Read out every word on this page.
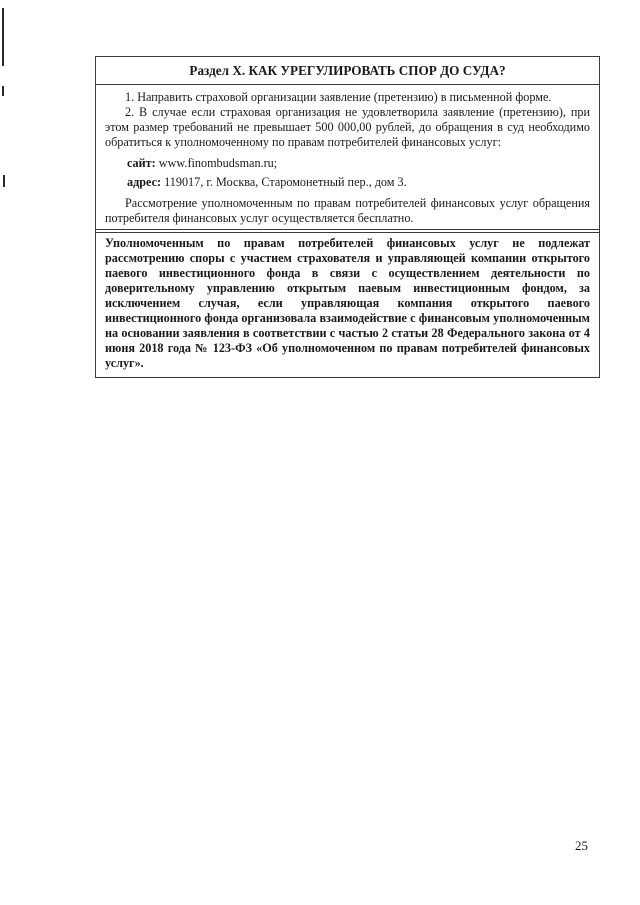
Раздел X. КАК УРЕГУЛИРОВАТЬ СПОР ДО СУДА?

1. Направить страховой организации заявление (претензию) в письменной форме.

2. В случае если страховая организация не удовлетворила заявление (претензию), при этом размер требований не превышает 500 000,00 рублей, до обращения в суд необходимо обратиться к уполномоченному по правам потребителей финансовых услуг:

сайт: www.finombudsman.ru;

адрес: 119017, г. Москва, Старомонетный пер., дом 3.

Рассмотрение уполномоченным по правам потребителей финансовых услуг обращения потребителя финансовых услуг осуществляется бесплатно.

Уполномоченным по правам потребителей финансовых услуг не подлежат рассмотрению споры с участием страхователя и управляющей компании открытого паевого инвестиционного фонда в связи с осуществлением деятельности по доверительному управлению открытым паевым инвестиционным фондом, за исключением случая, если управляющая компания открытого паевого инвестиционного фонда организовала взаимодействие с финансовым уполномоченным на основании заявления в соответствии с частью 2 статьи 28 Федерального закона от 4 июня 2018 года № 123-ФЗ «Об уполномоченном по правам потребителей финансовых услуг».
25
